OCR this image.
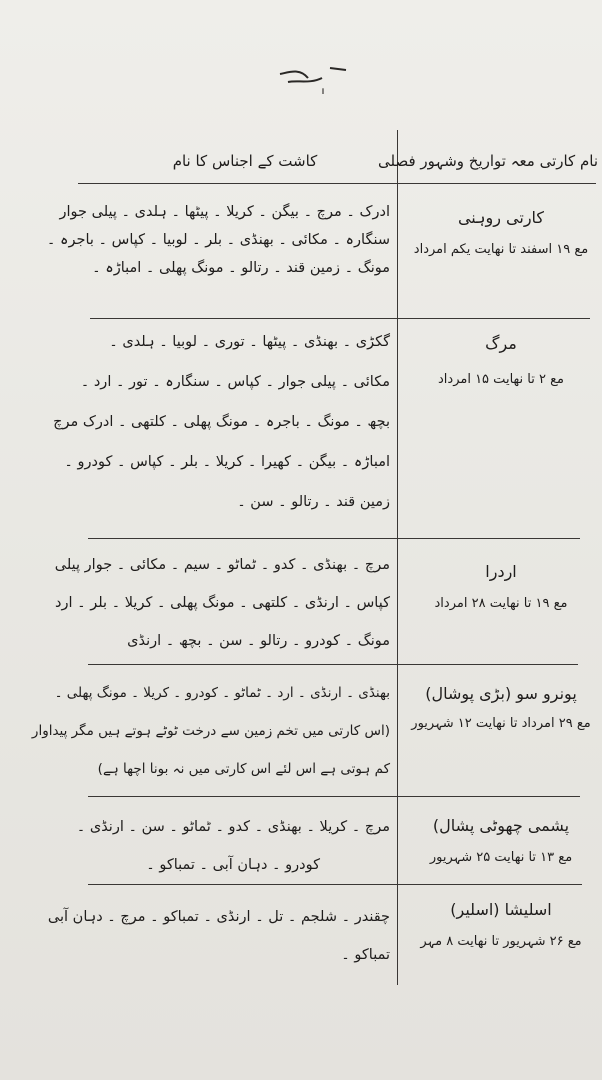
کاشت کے اجناس کا نام	نام کارتی معہ تواریخ وشہور فصلی
کارتی روہنی
مع ۱۹ اسفند تا نھایت یکم امرداد
ادرک ۔ مرچ ۔ بیگن ۔ کریلا ۔ پیٹھا ۔ ہلدی ۔ پیلی جوار
سنگارہ ۔ مکائی ۔ بھنڈی ۔ بلر ۔ لوبیا ۔ کپاس ۔ باجرہ ۔
مونگ ۔ زمین قند ۔ رتالو ۔ مونگ پھلی ۔ امباڑہ ۔
مرگ
مع ۲ تا نھایت ۱۵ امرداد
گکڑی ۔ بھنڈی ۔ پیٹھا ۔ توری ۔ لوبیا ۔ ہلدی ۔
مکائی ۔ پیلی جوار ۔ کپاس ۔ سنگارہ ۔ تور ۔ ارد ۔
بچھ ۔ مونگ ۔ باجرہ ۔ مونگ پھلی ۔ کلتھی ۔ ادرک مرچ
امباڑہ ۔ بیگن ۔ کھیرا ۔ کریلا ۔ بلر ۔ کپاس ۔ کودرو ۔
زمین قند ۔ رتالو ۔ سن ۔
اردرا
مع ۱۹ تا نھایت ۲۸ امرداد
مرچ ۔ بھنڈی ۔ کدو ۔ ٹماٹو ۔ سیم ۔ مکائی ۔ جوار پیلی
کپاس ۔ ارنڈی ۔ کلتھی ۔ مونگ پھلی ۔ کریلا ۔ بلر ۔ ارد
مونگ ۔ کودرو ۔ رتالو ۔ سن ۔ بچھ ۔ ارنڈی
پونرو سو (بڑی پوشال)
مع ۲۹ امرداد تا نھایت ۱۲ شہریور
بھنڈی ۔ ارنڈی ۔ ارد ۔ ٹماٹو ۔ کودرو ۔ کریلا ۔ مونگ پھلی ۔
(اس کارتی میں تخم زمین سے درخت ٹوٹے ہوتے ہیں مگر پیداوار
کم ہوتی ہے اس لئے اس کارتی میں نہ بونا اچھا ہے)
پشمی چھوٹی پشال)
مع ۱۳ تا نھایت ۲۵ شہریور
مرچ ۔ کریلا ۔ بھنڈی ۔ کدو ۔ ٹماٹو ۔ سن ۔ ارنڈی ۔
کودرو ۔ دہان آبی ۔ تمباکو ۔
اسلیشا (اسلیر)
مع ۲۶ شہریور تا نھایت ۸ مہر
چقندر ۔ شلجم ۔ تل ۔ ارنڈی ۔ تمباکو ۔ مرچ ۔ دہان آبی
تمباکو ۔
